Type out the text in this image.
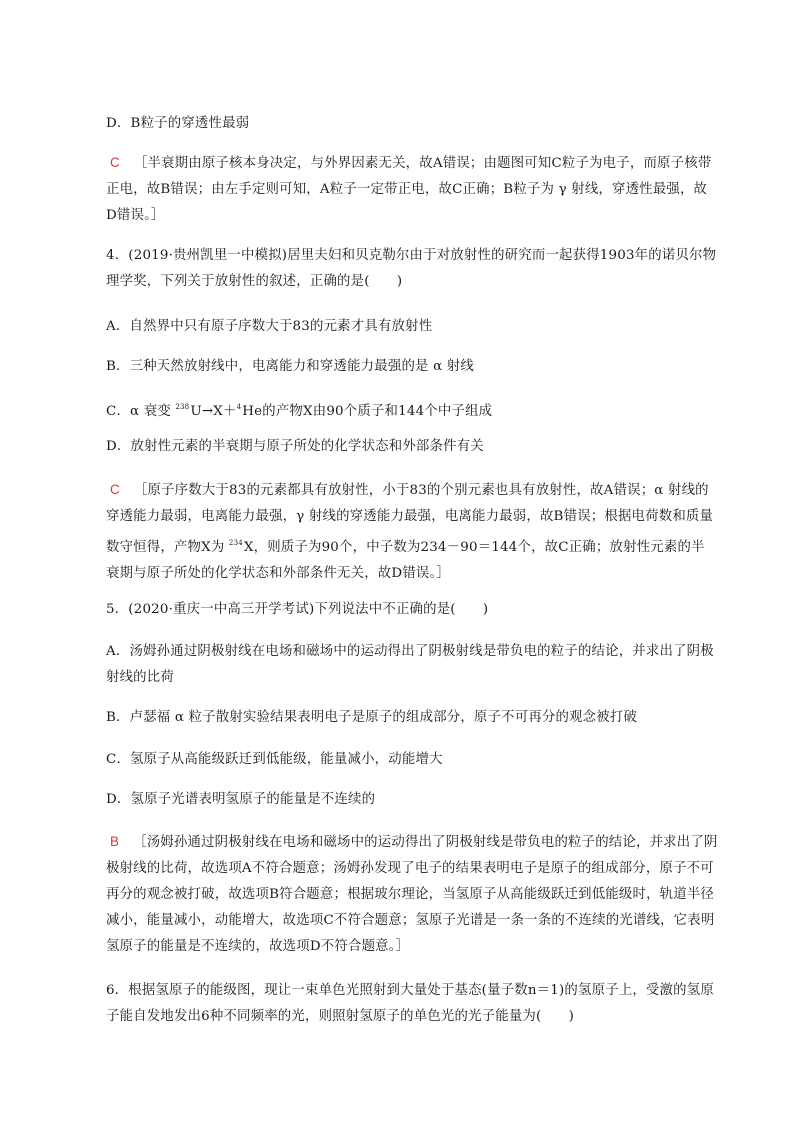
D．B粒子的穿透性最弱

C ［半衰期由原子核本身决定，与外界因素无关，故A错误；由题图可知C粒子为电子，而原子核带正电，故B错误；由左手定则可知，A粒子一定带正电，故C正确；B粒子为 γ 射线，穿透性最强，故D错误。］

4．(2019·贵州凯里一中模拟)居里夫妇和贝克勒尔由于对放射性的研究而一起获得1903年的诺贝尔物理学奖，下列关于放射性的叙述，正确的是(　　)

A．自然界中只有原子序数大于83的元素才具有放射性

B．三种天然放射线中，电离能力和穿透能力最强的是 α 射线

C．α 衰变 $^{238}$U→X＋$^4$He的产物X由90个质子和144个中子组成

D．放射性元素的半衰期与原子所处的化学状态和外部条件有关

C ［原子序数大于83的元素都具有放射性，小于83的个别元素也具有放射性，故A错误；α 射线的穿透能力最弱，电离能力最强，γ 射线的穿透能力最强，电离能力最弱，故B错误；根据电荷数和质量数守恒得，产物X为 $^{234}$X，则质子为90个，中子数为234－90＝144个，故C正确；放射性元素的半衰期与原子所处的化学状态和外部条件无关，故D错误。］

5．(2020·重庆一中高三开学考试)下列说法中不正确的是(　　)

A．汤姆孙通过阴极射线在电场和磁场中的运动得出了阴极射线是带负电的粒子的结论，并求出了阴极射线的比荷

B．卢瑟福 α 粒子散射实验结果表明电子是原子的组成部分，原子不可再分的观念被打破

C．氢原子从高能级跃迁到低能级，能量减小，动能增大

D．氢原子光谱表明氢原子的能量是不连续的

B ［汤姆孙通过阴极射线在电场和磁场中的运动得出了阴极射线是带负电的粒子的结论，并求出了阴极射线的比荷，故选项A不符合题意；汤姆孙发现了电子的结果表明电子是原子的组成部分，原子不可再分的观念被打破，故选项B符合题意；根据玻尔理论，当氢原子从高能级跃迁到低能级时，轨道半径减小，能量减小，动能增大，故选项C不符合题意；氢原子光谱是一条一条的不连续的光谱线，它表明氢原子的能量是不连续的，故选项D不符合题意。］

6．根据氢原子的能级图，现让一束单色光照射到大量处于基态(量子数n＝1)的氢原子上，受激的氢原子能自发地发出6种不同频率的光，则照射氢原子的单色光的光子能量为(　　)
